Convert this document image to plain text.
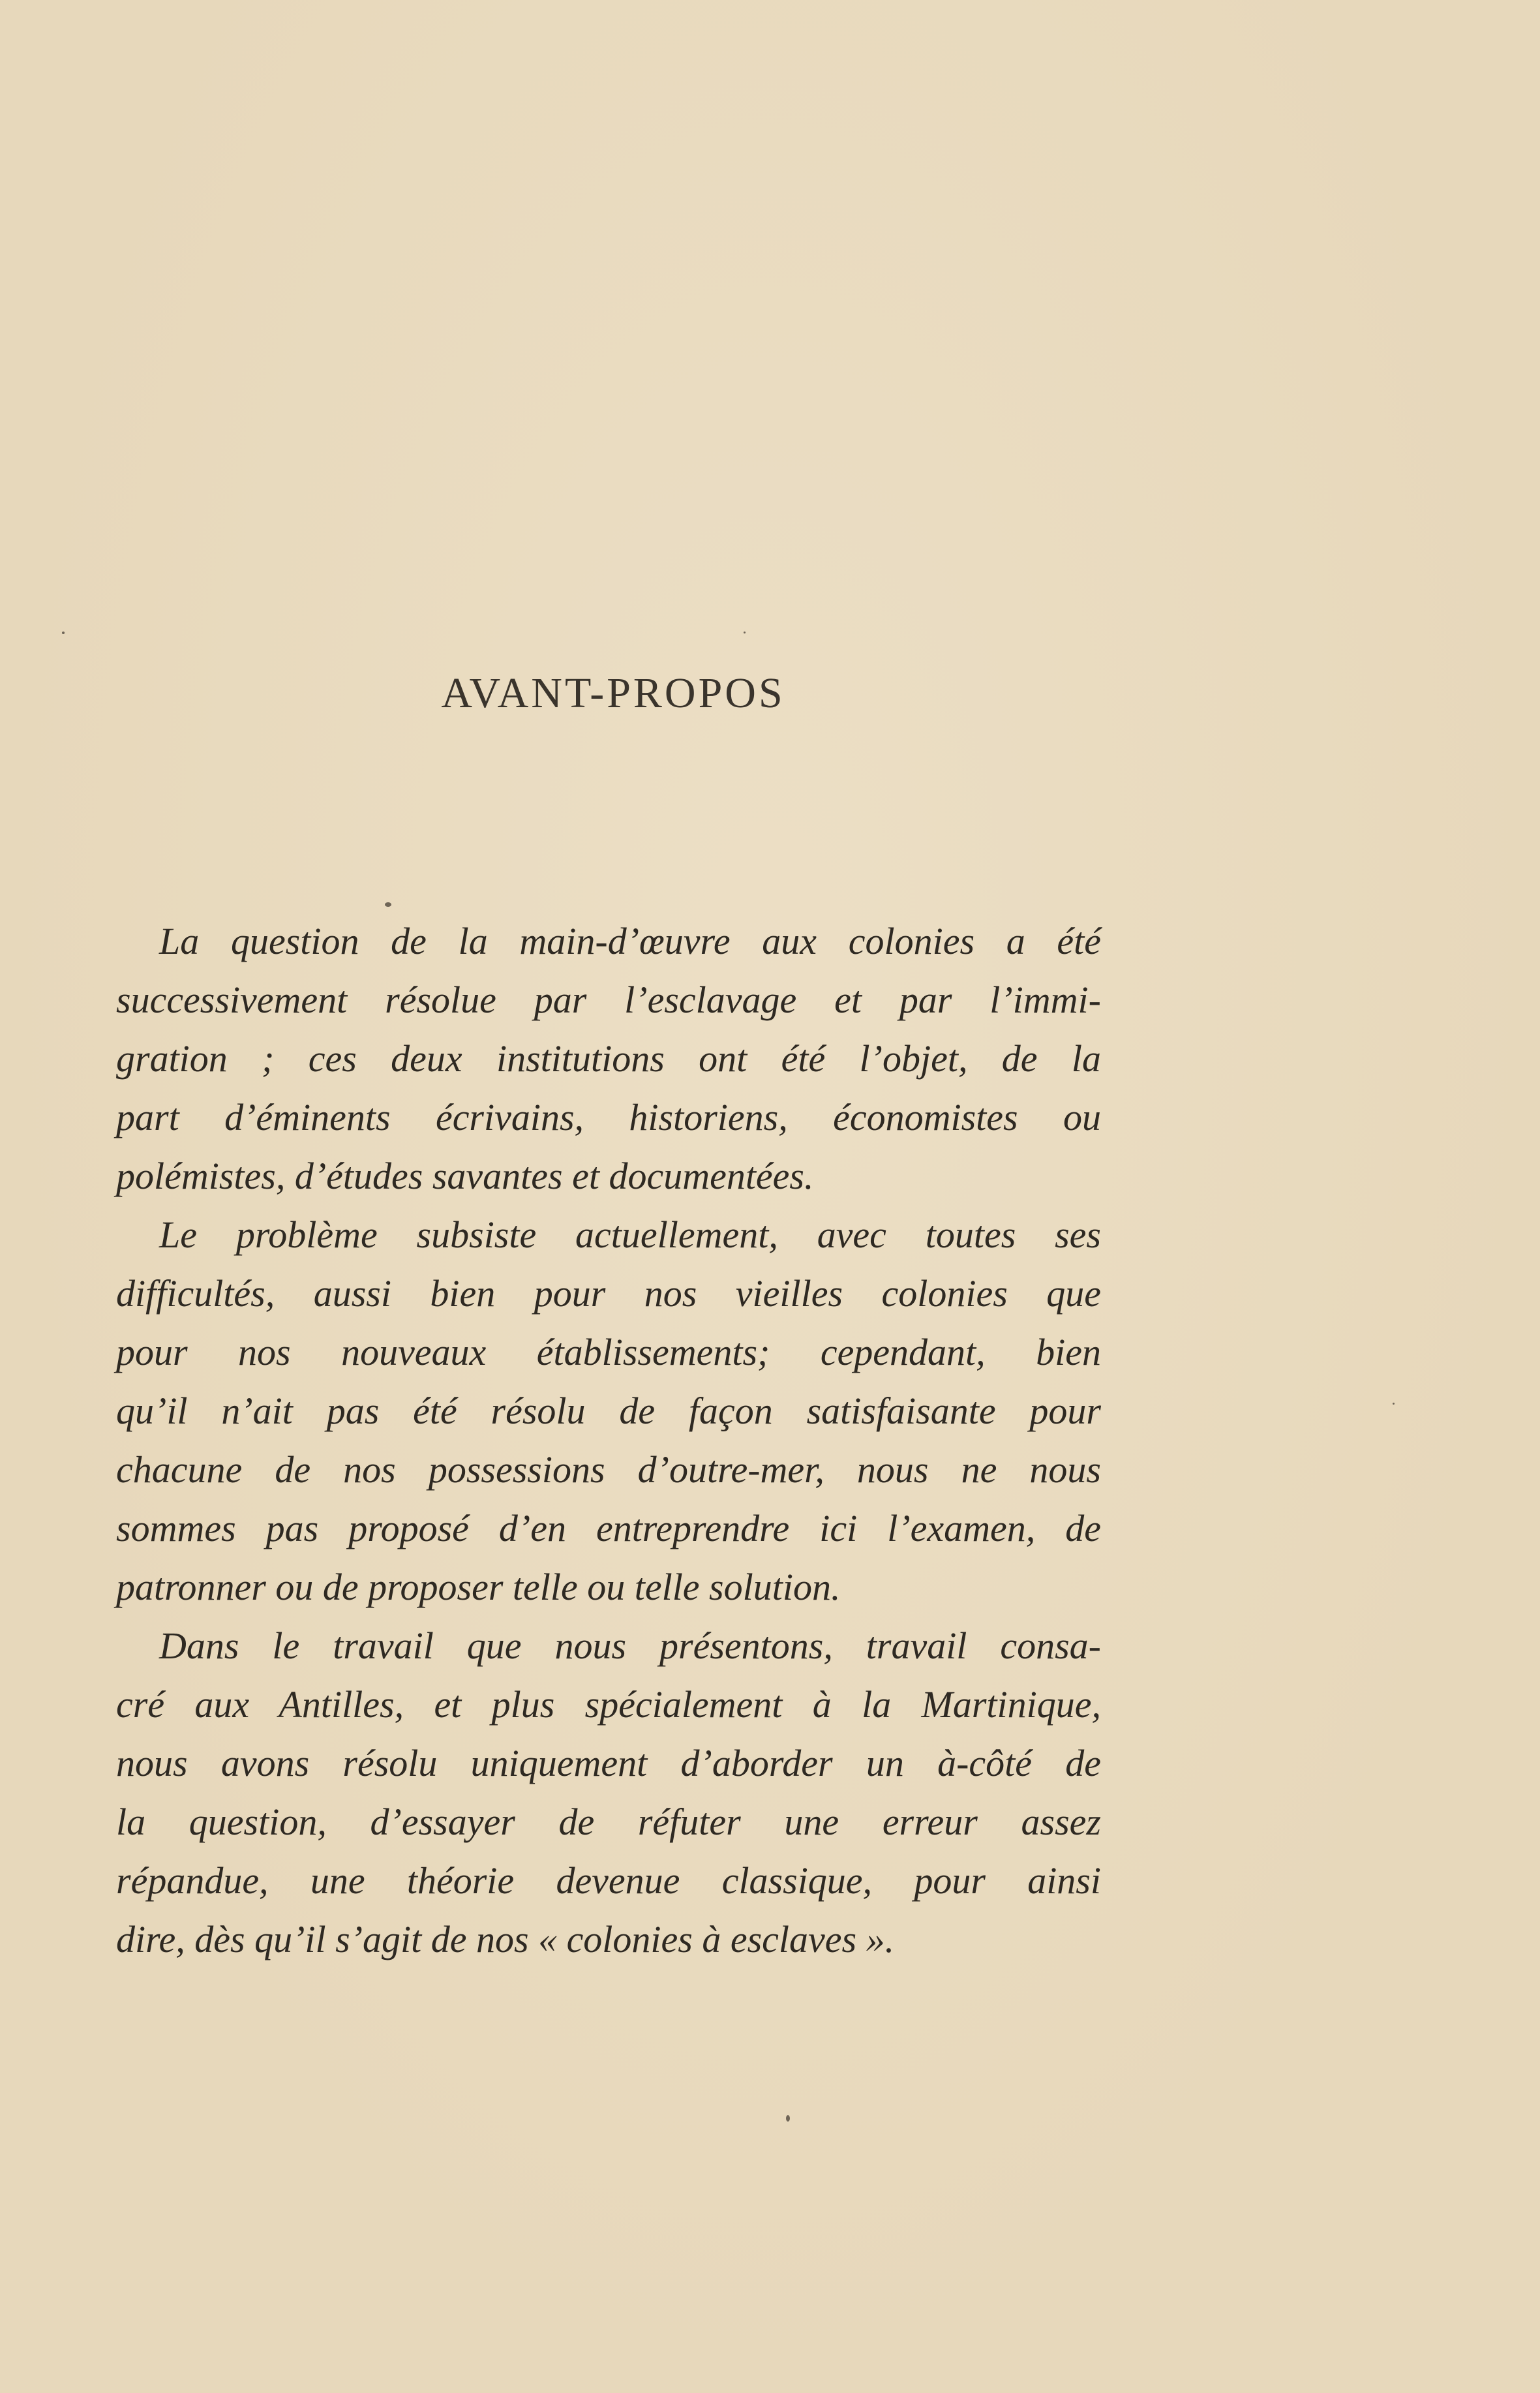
AVANT-PROPOS
La question de la main-d’œuvre aux colonies a été
successivement résolue par l’esclavage et par l’immi-
gration ; ces deux institutions ont été l’objet, de la
part d’éminents écrivains, historiens, économistes ou
polémistes, d’études savantes et documentées.
Le problème subsiste actuellement, avec toutes ses
difficultés, aussi bien pour nos vieilles colonies que
pour nos nouveaux établissements; cependant, bien
qu’il n’ait pas été résolu de façon satisfaisante pour
chacune de nos possessions d’outre-mer, nous ne nous
sommes pas proposé d’en entreprendre ici l’examen, de
patronner ou de proposer telle ou telle solution.
Dans le travail que nous présentons, travail consa-
cré aux Antilles, et plus spécialement à la Martinique,
nous avons résolu uniquement d’aborder un à-côté de
la question, d’essayer de réfuter une erreur assez
répandue, une théorie devenue classique, pour ainsi
dire, dès qu’il s’agit de nos « colonies à esclaves ».
